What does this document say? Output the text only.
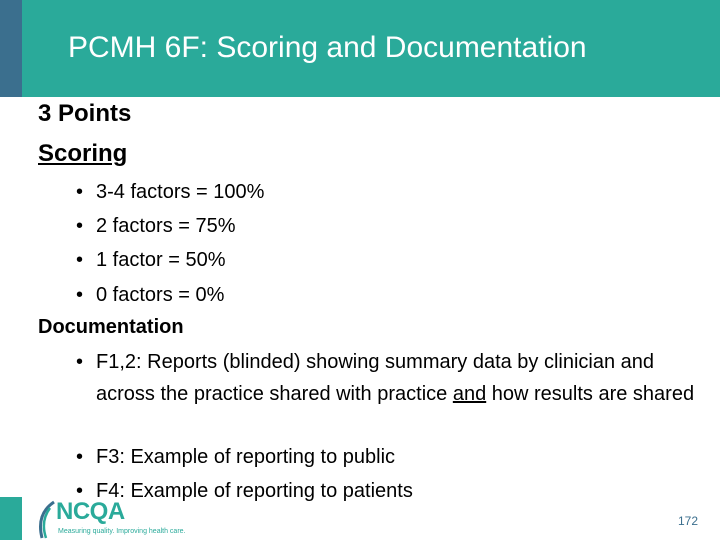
PCMH 6F: Scoring and Documentation
3 Points
Scoring
• 3-4 factors = 100%
• 2 factors = 75%
• 1 factor = 50%
• 0 factors = 0%
Documentation
• F1,2: Reports (blinded) showing summary data by clinician and across the practice shared with practice and how results are shared
• F3: Example of reporting to public
• F4: Example of reporting to patients
NCQA
Measuring quality. Improving health care.
172
